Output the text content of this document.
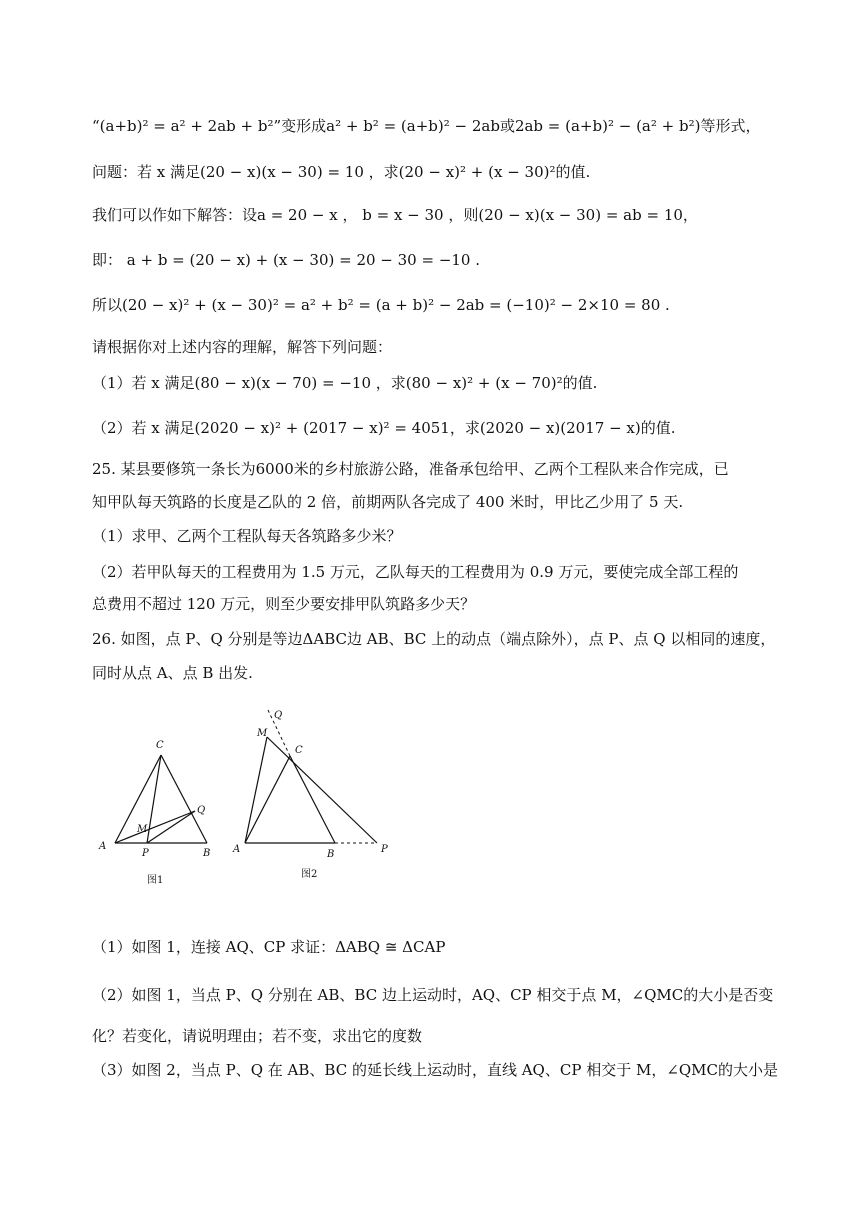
“(a+b)² = a² + 2ab + b²”变形成a² + b² = (a+b)² − 2ab或2ab = (a+b)² − (a² + b²)等形式，
问题：若 x 满足(20 − x)(x − 30) = 10 ，求(20 − x)² + (x − 30)²的值.
我们可以作如下解答：设a = 20 − x ， b = x − 30 ，则(20 − x)(x − 30) = ab = 10，
即： a + b = (20 − x) + (x − 30) = 20 − 30 = −10 .
所以(20 − x)² + (x − 30)² = a² + b² = (a + b)² − 2ab = (−10)² − 2×10 = 80 .
请根据你对上述内容的理解，解答下列问题：
（1）若 x 满足(80 − x)(x − 70) = −10 ，求(80 − x)² + (x − 70)²的值.
（2）若 x 满足(2020 − x)² + (2017 − x)² = 4051，求(2020 − x)(2017 − x)的值.
25. 某县要修筑一条长为6000米的乡村旅游公路，准备承包给甲、乙两个工程队来合作完成，已
知甲队每天筑路的长度是乙队的 2 倍，前期两队各完成了 400 米时，甲比乙少用了 5 天.
（1）求甲、乙两个工程队每天各筑路多少米？
（2）若甲队每天的工程费用为 1.5 万元，乙队每天的工程费用为 0.9 万元，要使完成全部工程的
总费用不超过 120 万元，则至少要安排甲队筑路多少天？
26. 如图，点 P、Q 分别是等边ΔABC边 AB、BC 上的动点（端点除外），点 P、点 Q 以相同的速度，
同时从点 A、点 B 出发.
C
Q
M
A
P	B
图1
Q
M
C
A	B	P
图2
（1）如图 1，连接 AQ、CP 求证：ΔABQ ≅ ΔCAP
（2）如图 1，当点 P、Q 分别在 AB、BC 边上运动时，AQ、CP 相交于点 M，∠QMC的大小是否变
化？若变化，请说明理由；若不变，求出它的度数
（3）如图 2，当点 P、Q 在 AB、BC 的延长线上运动时，直线 AQ、CP 相交于 M，∠QMC的大小是
